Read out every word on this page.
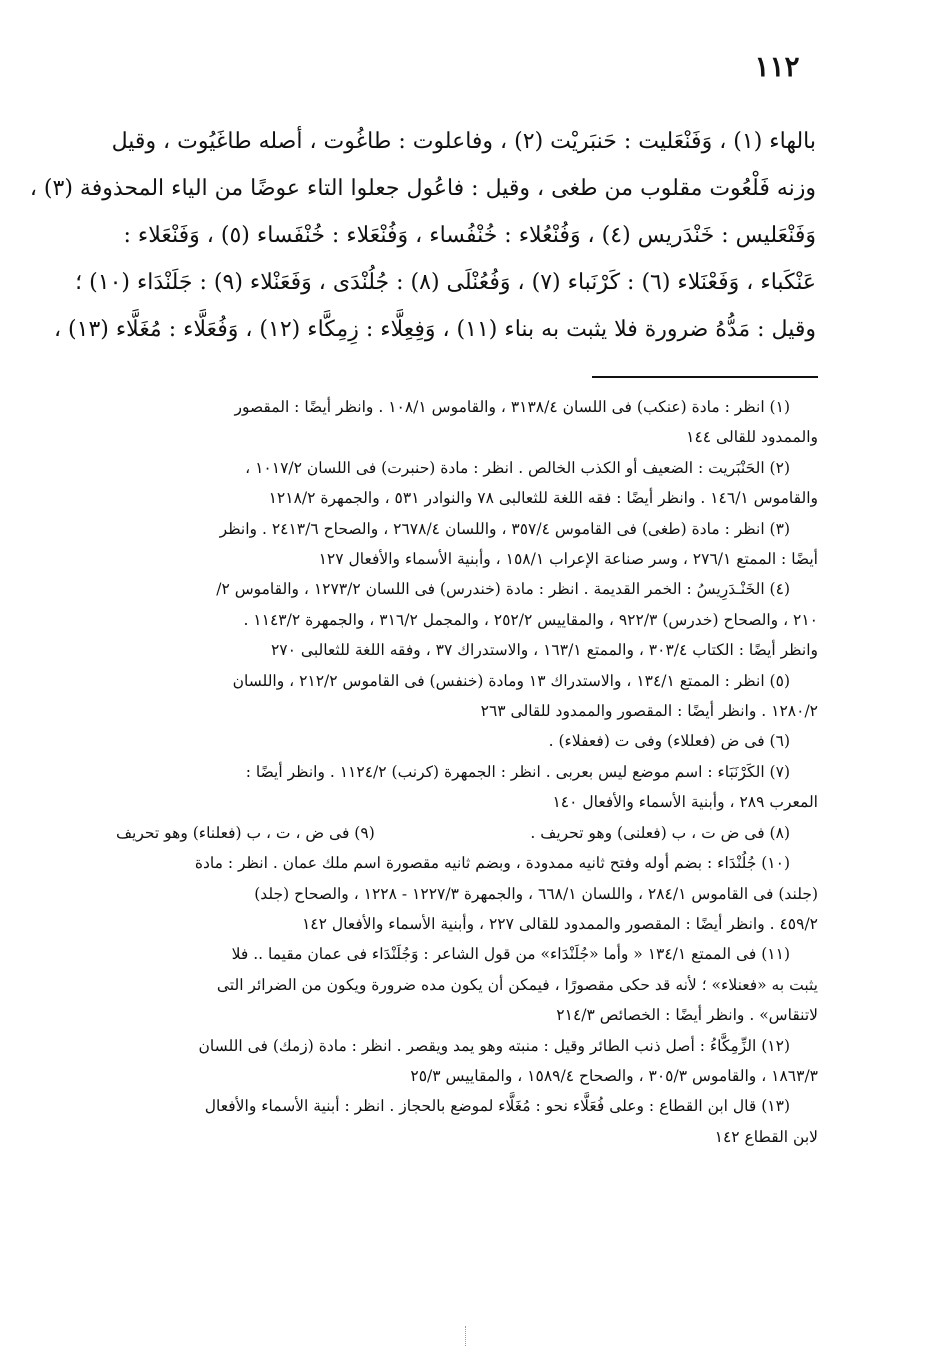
١١٢
بالهاء (١) ، وَفَنْعَليت : حَنبَريْت (٢) ، وفاعلوت : طاغُوت ، أصله طاغَيُوت ، وقيل
وزنه فَلْعُوت مقلوب من طغى ، وقيل : فاعُول جعلوا التاء عوضًا من الياء المحذوفة (٣) ،
وَفَنْعَليس : خَنْدَريس (٤) ، وَفُنْعُلاء : خُنْفُساء ، وَفُنْعَلاء : خُنْفَساء (٥) ، وَفَنْعَلاء :
عَنْكَباء ، وَفَعْنَلاء (٦) : كَرْنَباء (٧) ، وَفُعُنْلَى (٨) : جُلُنْدَى ، وَفَعَنْلاء (٩) : جَلَنْدَاء (١٠) ؛
وقيل : مَدُّهُ ضرورة فلا يثبت به بناء (١١) ، وَفِعِلَّاء : زِمِكَّاء (١٢) ، وَفُعَلَّاء : مُغَلَّاء (١٣) ،
(١) انظر : مادة (عنكب) فى اللسان ٣١٣٨/٤ ، والقاموس ١٠٨/١ . وانظر أيضًا : المقصور
والممدود للقالى ١٤٤
(٢) الحَنْبَريت : الضعيف أو الكذب الخالص . انظر : مادة (حنبرت) فى اللسان ١٠١٧/٢ ،
والقاموس ١٤٦/١ . وانظر أيضًا : فقه اللغة للثعالبى ٧٨ والنوادر ٥٣١ ، والجمهرة ١٢١٨/٢
(٣) انظر : مادة (طغى) فى القاموس ٣٥٧/٤ ، واللسان ٢٦٧٨/٤ ، والصحاح ٢٤١٣/٦ . وانظر
أيضًا : الممتع ٢٧٦/١ ، وسر صناعة الإعراب ١٥٨/١ ، وأبنية الأسماء والأفعال ١٢٧
(٤) الخَنْـدَرِيسُ : الخمر القديمة . انظر : مادة (خندرس) فى اللسان ١٢٧٣/٢ ، والقاموس ٢/
٢١٠ ، والصحاح (خدرس) ٩٢٢/٣ ، والمقاييس ٢٥٢/٢ ، والمجمل ٣١٦/٢ ، والجمهرة ١١٤٣/٢ .
وانظر أيضًا : الكتاب ٣٠٣/٤ ، والممتع ١٦٣/١ ، والاستدراك ٣٧ ، وفقه اللغة للثعالبى ٢٧٠
(٥) انظر : الممتع ١٣٤/١ ، والاستدراك ١٣ ومادة (خنفس) فى القاموس ٢١٢/٢ ، واللسان
١٢٨٠/٢ . وانظر أيضًا : المقصور والممدود للقالى ٢٦٣
(٦) فى ض (فعللاء) وفى ت (فعفلاء) .
(٧) الكَرْنَبَاء : اسم موضع ليس بعربى . انظر : الجمهرة (كرنب) ١١٢٤/٢ . وانظر أيضًا :
المعرب ٢٨٩ ، وأبنية الأسماء والأفعال ١٤٠
(٨) فى ض ت ، ب (فعلنى) وهو تحريف .
(٩) فى ض ، ت ، ب (فعلناء) وهو تحريف
(١٠) جُلُنْدَاء : بضم أوله وفتح ثانيه ممدودة ، وبضم ثانيه مقصورة اسم ملك عمان . انظر : مادة
(جلند) فى القاموس ٢٨٤/١ ، واللسان ٦٦٨/١ ، والجمهرة ١٢٢٧/٣ - ١٢٢٨ ، والصحاح (جلد)
٤٥٩/٢ . وانظر أيضًا : المقصور والممدود للقالى ٢٢٧ ، وأبنية الأسماء والأفعال ١٤٢
(١١) فى الممتع ١٣٤/١ « وأما «جُلَنْدَاء» من قول الشاعر : وَجُلَنْدَاء فى عمان مقيما .. فلا
يثبت به «فعنلاء» ؛ لأنه قد حكى مقصورًا ، فيمكن أن يكون مده ضرورة ويكون من الضرائر التى
لاتنقاس» . وانظر أيضًا : الخصائص ٢١٤/٣
(١٢) الزِّمِكَّاءُ : أصل ذنب الطائر وقيل : منبته وهو يمد ويقصر . انظر : مادة (زمك) فى اللسان
١٨٦٣/٣ ، والقاموس ٣٠٥/٣ ، والصحاح ١٥٨٩/٤ ، والمقاييس ٢٥/٣
(١٣) قال ابن القطاع : وعلى فُعَلَّاء نحو : مُغَلَّاء لموضع بالحجاز . انظر : أبنية الأسماء والأفعال
لابن القطاع ١٤٢
